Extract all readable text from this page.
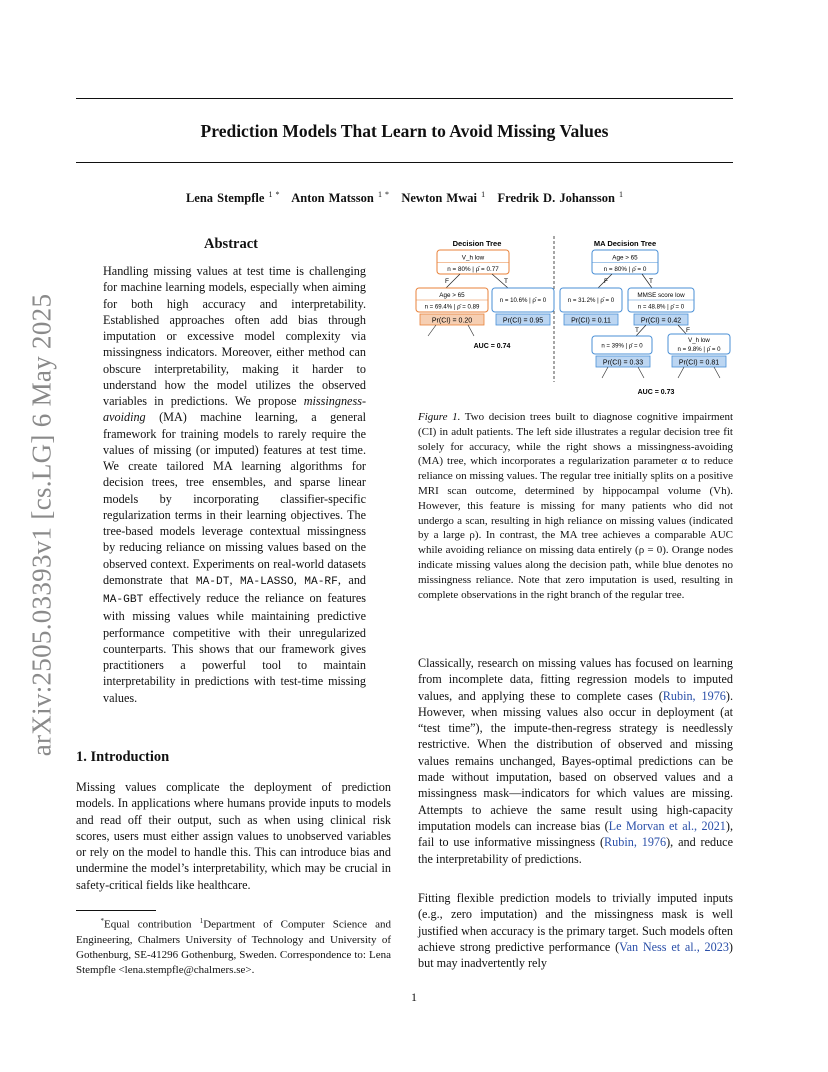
arXiv:2505.03393v1 [cs.LG] 6 May 2025
Prediction Models That Learn to Avoid Missing Values
Lena Stempfle $^{1 *}$ Anton Matsson $^{1 *}$ Newton Mwai $^1$ Fredrik D. Johansson $^1$
Abstract

Handling missing values at test time is challenging for machine learning models, especially when aiming for both high accuracy and interpretability. Established approaches often add bias through imputation or excessive model complexity via missingness indicators. Moreover, either method can obscure interpretability, making it harder to understand how the model utilizes the observed variables in predictions. We propose missingness-avoiding (MA) machine learning, a general framework for training models to rarely require the values of missing (or imputed) features at test time. We create tailored MA learning algorithms for decision trees, tree ensembles, and sparse linear models by incorporating classifier-specific regularization terms in their learning objectives. The tree-based models leverage contextual missingness by reducing reliance on missing values based on the observed context. Experiments on real-world datasets demonstrate that MA-DT, MA-LASSO, MA-RF, and MA-GBT effectively reduce the reliance on features with missing values while maintaining predictive performance competitive with their unregularized counterparts. This shows that our framework gives practitioners a powerful tool to maintain interpretability in predictions with test-time missing values.

1. Introduction

Missing values complicate the deployment of prediction models. In applications where humans provide inputs to models and read off their output, such as when using clinical risk scores, users must either assign values to unobserved variables or rely on the model to handle this. This can introduce bias and undermine the model’s interpretability, which may be crucial in safety-critical fields like healthcare.

*Equal contribution $^1$Department of Computer Science and Engineering, Chalmers University of Technology and University of Gothenburg, SE-41296 Gothenburg, Sweden. Correspondence to: Lena Stempfle <lena.stempfle@chalmers.se>.

Decision Tree
V_h low
n = 80% | ρ̄ = 0.77
F	T
Age > 65
n = 69.4% | ρ̄ = 0.89
Pr(CI) = 0.20
n = 10.6% | ρ̄ = 0
Pr(CI) = 0.95
AUC = 0.74
MA Decision Tree
Age > 65
n = 80% | ρ̄ = 0
F	T
n = 31.2% | ρ̄ = 0
Pr(CI) = 0.11
MMSE score low
n = 48.8% | ρ̄ = 0
Pr(CI) = 0.42
T	F
n = 39% | ρ̄ = 0
Pr(CI) = 0.33
V_h low
n = 9.8% | ρ̄ = 0
Pr(CI) = 0.81
AUC = 0.73

Figure 1. Two decision trees built to diagnose cognitive impairment (CI) in adult patients. The left side illustrates a regular decision tree fit solely for accuracy, while the right shows a missingness-avoiding (MA) tree, which incorporates a regularization parameter α to reduce reliance on missing values. The regular tree initially splits on a positive MRI scan outcome, determined by hippocampal volume (Vh). However, this feature is missing for many patients who did not undergo a scan, resulting in high reliance on missing values (indicated by a large ρ). In contrast, the MA tree achieves a comparable AUC while avoiding reliance on missing data entirely (ρ = 0). Orange nodes indicate missing values along the decision path, while blue denotes no missingness reliance. Note that zero imputation is used, resulting in complete observations in the right branch of the regular tree.

Classically, research on missing values has focused on learning from incomplete data, fitting regression models to imputed values, and applying these to complete cases (Rubin, 1976). However, when missing values also occur in deployment (at “test time”), the impute-then-regress strategy is needlessly restrictive. When the distribution of observed and missing values remains unchanged, Bayes-optimal predictions can be made without imputation, based on observed values and a missingness mask—indicators for which values are missing. Attempts to achieve the same result using high-capacity imputation models can increase bias (Le Morvan et al., 2021), fail to use informative missingness (Rubin, 1976), and reduce the interpretability of predictions.

Fitting flexible prediction models to trivially imputed inputs (e.g., zero imputation) and the missingness mask is well justified when accuracy is the primary target. Such models often achieve strong predictive performance (Van Ness et al., 2023) but may inadvertently rely

1
